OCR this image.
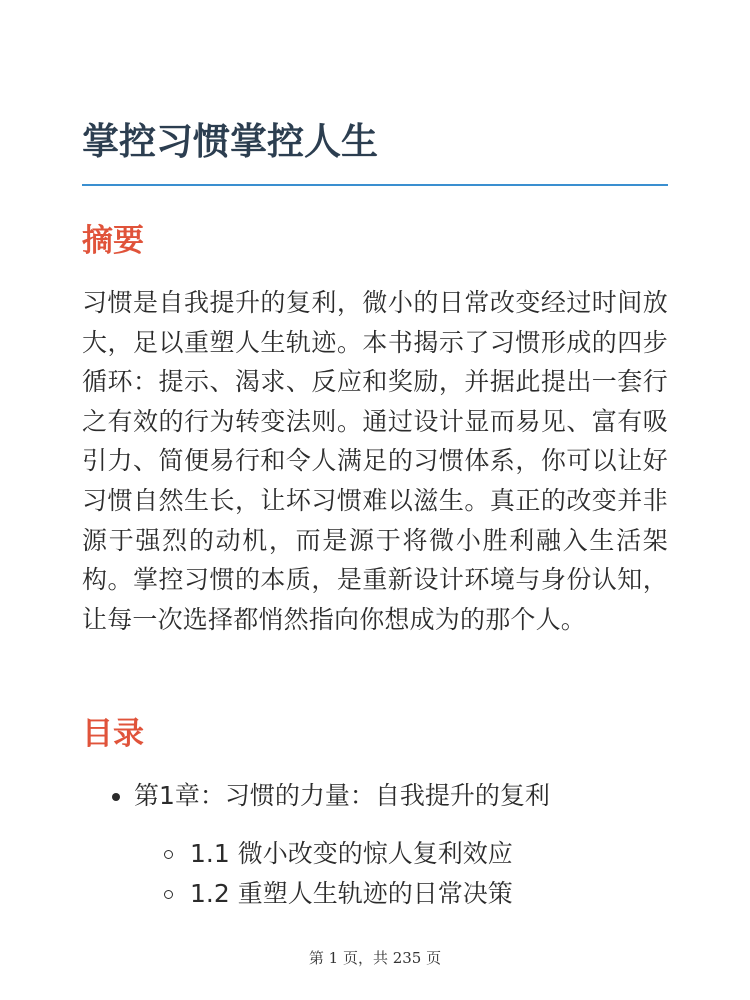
掌控习惯掌控人生
摘要

习惯是自我提升的复利，微小的日常改变经过时间放大，足以重塑人生轨迹。本书揭示了习惯形成的四步循环：提示、渴求、反应和奖励，并据此提出一套行之有效的行为转变法则。通过设计显而易见、富有吸引力、简便易行和令人满足的习惯体系，你可以让好习惯自然生长，让坏习惯难以滋生。真正的改变并非源于强烈的动机，而是源于将微小胜利融入生活架构。掌控习惯的本质，是重新设计环境与身份认知，让每一次选择都悄然指向你想成为的那个人。

目录
第1章：习惯的力量：自我提升的复利
1.1 微小改变的惊人复利效应
1.2 重塑人生轨迹的日常决策
第 1 页，共 235 页
